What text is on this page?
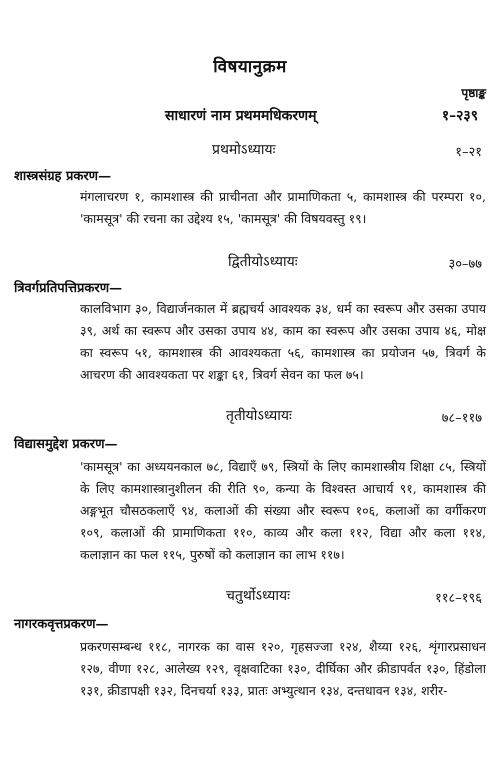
विषयानुक्रम
पृष्ठाङ्क
साधारणं नाम प्रथममधिकरणम्	१–२३९
प्रथमोऽध्यायः	१–२१
शास्त्रसंग्रह प्रकरण—

मंगलाचरण १, कामशास्त्र की प्राचीनता और प्रामाणिकता ५, कामशास्त्र की परम्परा १०, 'कामसूत्र' की रचना का उद्देश्य १५, 'कामसूत्र' की विषयवस्तु १९।

द्वितीयोऽध्यायः	३०–७७
त्रिवर्गप्रतिपत्तिप्रकरण—

कालविभाग ३०, विद्यार्जनकाल में ब्रह्मचर्य आवश्यक ३४, धर्म का स्वरूप और उसका उपाय ३९, अर्थ का स्वरूप और उसका उपाय ४४, काम का स्वरूप और उसका उपाय ४६, मोक्ष का स्वरूप ५१, कामशास्त्र की आवश्यकता ५६, कामशास्त्र का प्रयोजन ५७, त्रिवर्ग के आचरण की आवश्यकता पर शङ्का ६१, त्रिवर्ग सेवन का फल ७५।

तृतीयोऽध्यायः	७८–११७
विद्यासमुद्देश प्रकरण—

'कामसूत्र' का अध्ययनकाल ७८, विद्याएँ ७९, स्त्रियों के लिए कामशास्त्रीय शिक्षा ८५, स्त्रियों के लिए कामशास्त्रानुशीलन की रीति ९०, कन्या के विश्वस्त आचार्य ९१, कामशास्त्र की अङ्गभूत चौसठकलाएँ ९४, कलाओं की संख्या और स्वरूप १०६, कलाओं का वर्गीकरण १०९, कलाओं की प्रामाणिकता ११०, काव्य और कला ११२, विद्या और कला ११४, कलाज्ञान का फल ११५, पुरुषों को कलाज्ञान का लाभ ११७।

चतुर्थोऽध्यायः	११८–१९६
नागरकवृत्तप्रकरण—

प्रकरणसम्बन्ध ११८, नागरक का वास १२०, गृहसज्जा १२४, शैय्या १२६, शृंगारप्रसाधन १२७, वीणा १२८, आलेख्य १२९, वृक्षवाटिका १३०, दीर्घिका और क्रीडापर्वत १३०, हिंडोला १३१, क्रीडापक्षी १३२, दिनचर्या १३३, प्रातः अभ्युत्थान १३४, दन्तधावन १३४, शरीर-
